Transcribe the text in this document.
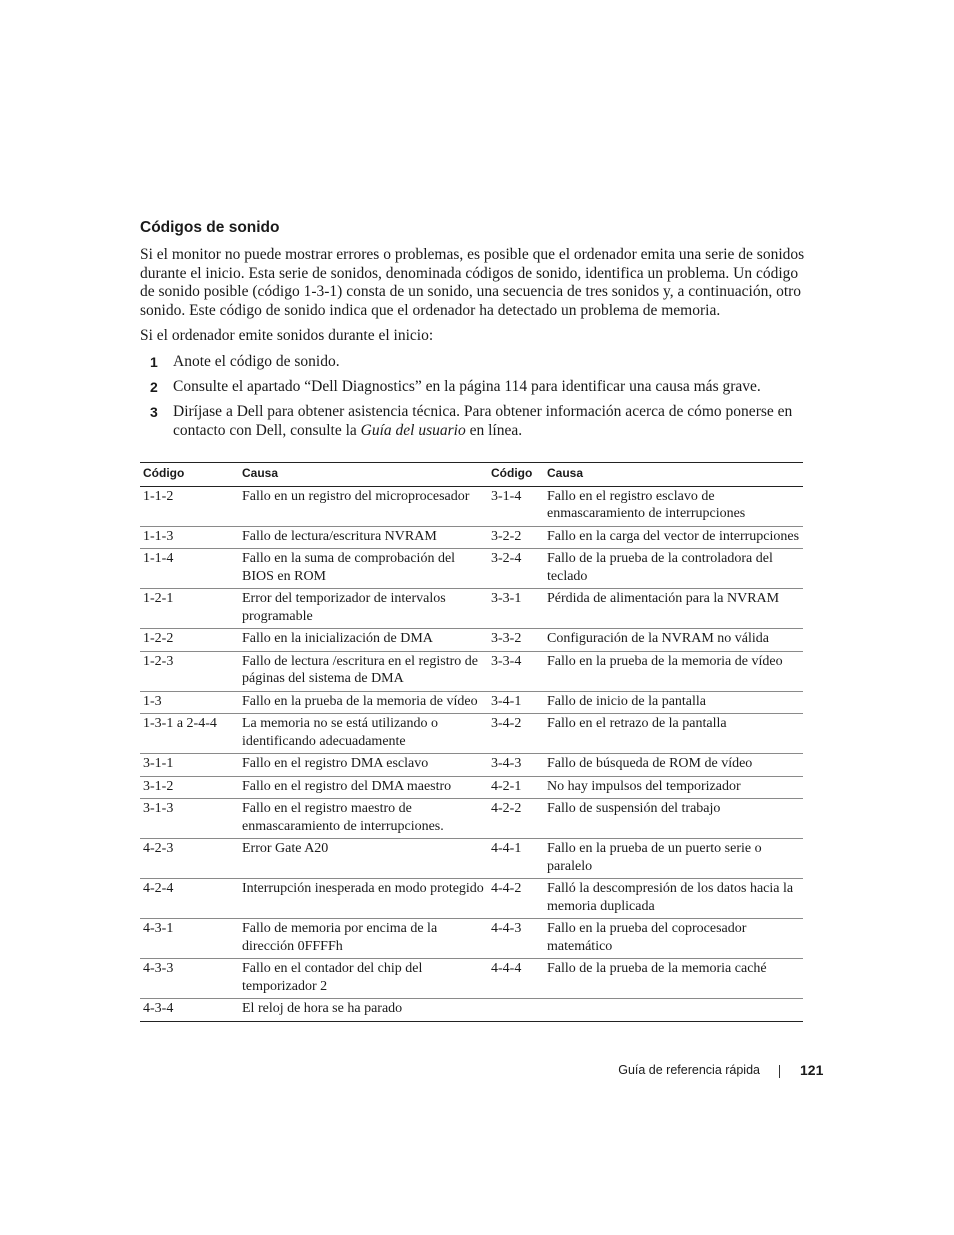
Códigos de sonido

Si el monitor no puede mostrar errores o problemas, es posible que el ordenador emita una serie de sonidos durante el inicio. Esta serie de sonidos, denominada códigos de sonido, identifica un problema. Un código de sonido posible (código 1-3-1) consta de un sonido, una secuencia de tres sonidos y, a continuación, otro sonido. Este código de sonido indica que el ordenador ha detectado un problema de memoria.

Si el ordenador emite sonidos durante el inicio:

1 Anote el código de sonido.
2 Consulte el apartado “Dell Diagnostics” en la página 114 para identificar una causa más grave.
3 Diríjase a Dell para obtener asistencia técnica. Para obtener información acerca de cómo ponerse en contacto con Dell, consulte la Guía del usuario en línea.
Código	Causa	Código	Causa
1-1-2	Fallo en un registro del microprocesador	3-1-4	Fallo en el registro esclavo de enmascaramiento de interrupciones
1-1-3	Fallo de lectura/escritura NVRAM	3-2-2	Fallo en la carga del vector de interrupciones
1-1-4	Fallo en la suma de comprobación del BIOS en ROM	3-2-4	Fallo de la prueba de la controladora del teclado
1-2-1	Error del temporizador de intervalos programable	3-3-1	Pérdida de alimentación para la NVRAM
1-2-2	Fallo en la inicialización de DMA	3-3-2	Configuración de la NVRAM no válida
1-2-3	Fallo de lectura /escritura en el registro de páginas del sistema de DMA	3-3-4	Fallo en la prueba de la memoria de vídeo
1-3	Fallo en la prueba de la memoria de vídeo	3-4-1	Fallo de inicio de la pantalla
1-3-1 a 2-4-4	La memoria no se está utilizando o identificando adecuadamente	3-4-2	Fallo en el retrazo de la pantalla
3-1-1	Fallo en el registro DMA esclavo	3-4-3	Fallo de búsqueda de ROM de vídeo
3-1-2	Fallo en el registro del DMA maestro	4-2-1	No hay impulsos del temporizador
3-1-3	Fallo en el registro maestro de enmascaramiento de interrupciones.	4-2-2	Fallo de suspensión del trabajo
4-2-3	Error Gate A20	4-4-1	Fallo en la prueba de un puerto serie o paralelo
4-2-4	Interrupción inesperada en modo protegido	4-4-2	Falló la descompresión de los datos hacia la memoria duplicada
4-3-1	Fallo de memoria por encima de la dirección 0FFFFh	4-4-3	Fallo en la prueba del coprocesador matemático
4-3-3	Fallo en el contador del chip del temporizador 2	4-4-4	Fallo de la prueba de la memoria caché
4-3-4	El reloj de hora se ha parado		
Guía de referencia rápida	121
